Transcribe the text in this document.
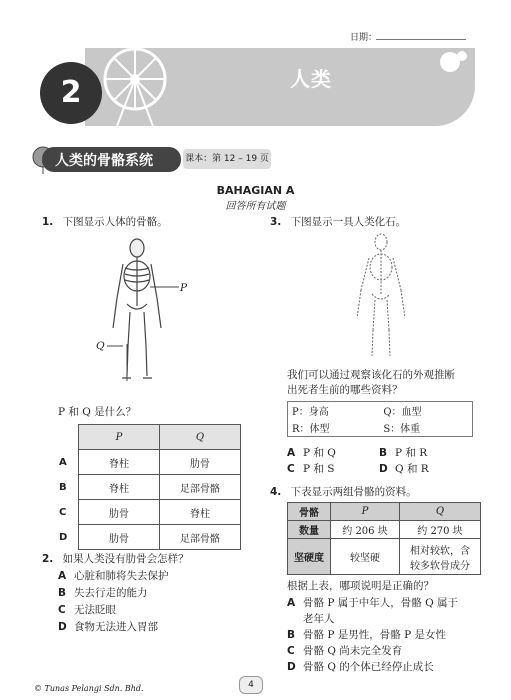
日期：
2	人类
人类的骨骼系统	课本：第 12 – 19 页
BAHAGIAN A
回答所有试题
1. 下图显示人体的骨骼。
P
Q
P 和 Q 是什么？
	P	Q
A	脊柱	肋骨
B	脊柱	足部骨骼
C	肋骨	脊柱
D	肋骨	足部骨骼
2. 如果人类没有肋骨会怎样？
A 心脏和肺将失去保护
B 失去行走的能力
C 无法眨眼
D 食物无法进入胃部
3. 下图显示一具人类化石。
我们可以通过观察该化石的外观推断
出死者生前的哪些资料？
P：身高	Q：血型
R：体型	S：体重
A P 和 Q	B P 和 R
C P 和 S	D Q 和 R
4. 下表显示两组骨骼的资料。
骨骼	P	Q
数量	约 206 块	约 270 块
坚硬度	较坚硬	相对较软，含
较多软骨成分
根据上表，哪项说明是正确的？
A 骨骼 P 属于中年人，骨骼 Q 属于
老年人
B 骨骼 P 是男性，骨骼 P 是女性
C 骨骼 Q 尚未完全发育
D 骨骼 Q 的个体已经停止成长
© Tunas Pelangi Sdn. Bhd.	4
